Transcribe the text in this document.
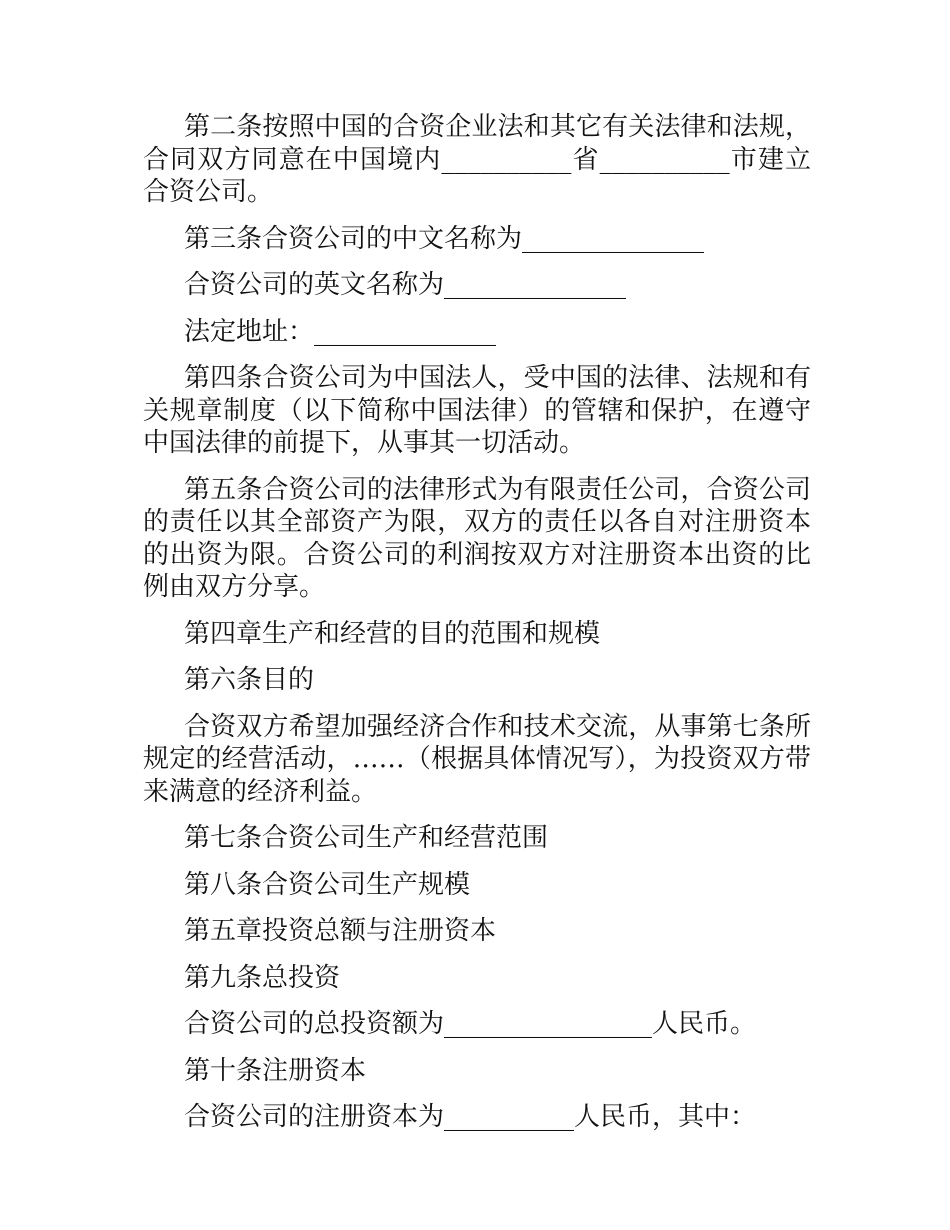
第二条按照中国的合资企业法和其它有关法律和法规，合同双方同意在中国境内__________省__________市建立合资公司。

第三条合资公司的中文名称为______________

合资公司的英文名称为______________

法定地址：______________

第四条合资公司为中国法人，受中国的法律、法规和有关规章制度（以下简称中国法律）的管辖和保护，在遵守中国法律的前提下，从事其一切活动。

第五条合资公司的法律形式为有限责任公司，合资公司的责任以其全部资产为限，双方的责任以各自对注册资本的出资为限。合资公司的利润按双方对注册资本出资的比例由双方分享。

第四章生产和经营的目的范围和规模

第六条目的

合资双方希望加强经济合作和技术交流，从事第七条所规定的经营活动，……（根据具体情况写），为投资双方带来满意的经济利益。

第七条合资公司生产和经营范围

第八条合资公司生产规模

第五章投资总额与注册资本

第九条总投资

合资公司的总投资额为________________人民币。

第十条注册资本

合资公司的注册资本为__________人民币，其中：
